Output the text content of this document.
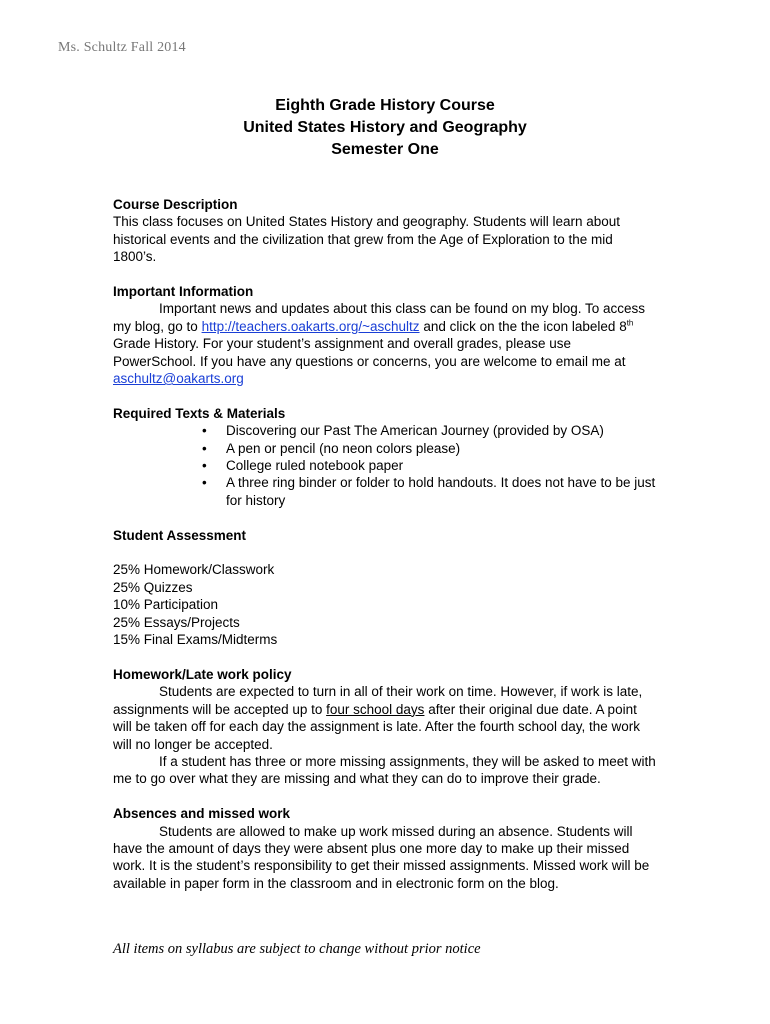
Ms. Schultz Fall 2014
Eighth Grade History Course
United States History and Geography
Semester One
Course Description

This class focuses on United States History and geography. Students will learn about historical events and the civilization that grew from the Age of Exploration to the mid 1800’s.

Important Information

Important news and updates about this class can be found on my blog. To access my blog, go to http://teachers.oakarts.org/~aschultz and click on the the icon labeled 8th Grade History. For your student’s assignment and overall grades, please use PowerSchool. If you have any questions or concerns, you are welcome to email me at aschultz@oakarts.org

Required Texts & Materials
• Discovering our Past The American Journey (provided by OSA)
• A pen or pencil (no neon colors please)
• College ruled notebook paper
• A three ring binder or folder to hold handouts. It does not have to be just for history
Student Assessment
25% Homework/Classwork
25% Quizzes
10% Participation
25% Essays/Projects
15% Final Exams/Midterms
Homework/Late work policy

Students are expected to turn in all of their work on time. However, if work is late, assignments will be accepted up to four school days after their original due date. A point will be taken off for each day the assignment is late. After the fourth school day, the work will no longer be accepted.

If a student has three or more missing assignments, they will be asked to meet with me to go over what they are missing and what they can do to improve their grade.

Absences and missed work

Students are allowed to make up work missed during an absence. Students will have the amount of days they were absent plus one more day to make up their missed work. It is the student’s responsibility to get their missed assignments. Missed work will be available in paper form in the classroom and in electronic form on the blog.

All items on syllabus are subject to change without prior notice
